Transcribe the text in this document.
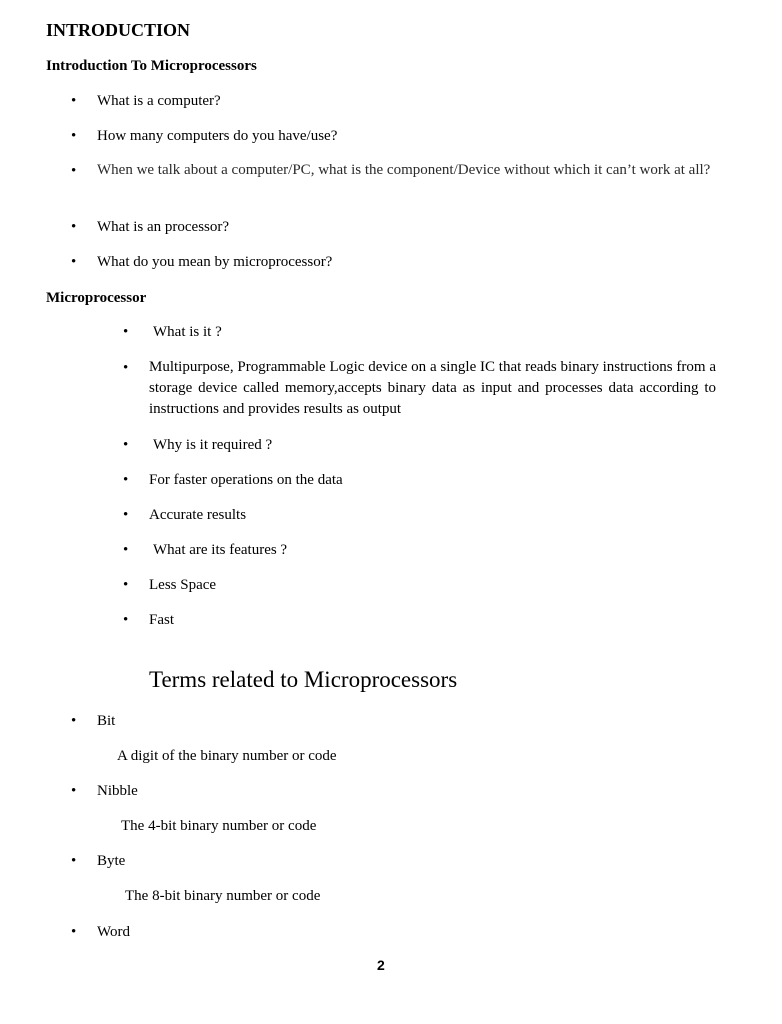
INTRODUCTION
Introduction To Microprocessors
• What is a computer?
• How many computers do you have/use?
• When we talk about a computer/PC, what is the component/Device without which it can’t work at all?
• What is an processor?
• What do you mean by microprocessor?
Microprocessor
• What is it ?
• Multipurpose, Programmable Logic device on a single IC that reads binary instructions from a storage device called memory,accepts binary data as input and processes data according to instructions and provides results as output
• Why is it required ?
• For faster operations on the data
• Accurate results
• What are its features ?
• Less Space
• Fast
Terms related to Microprocessors
• Bit
A digit of the binary number or code
• Nibble
The 4-bit binary number or code
• Byte
The 8-bit binary number or code
• Word
2
